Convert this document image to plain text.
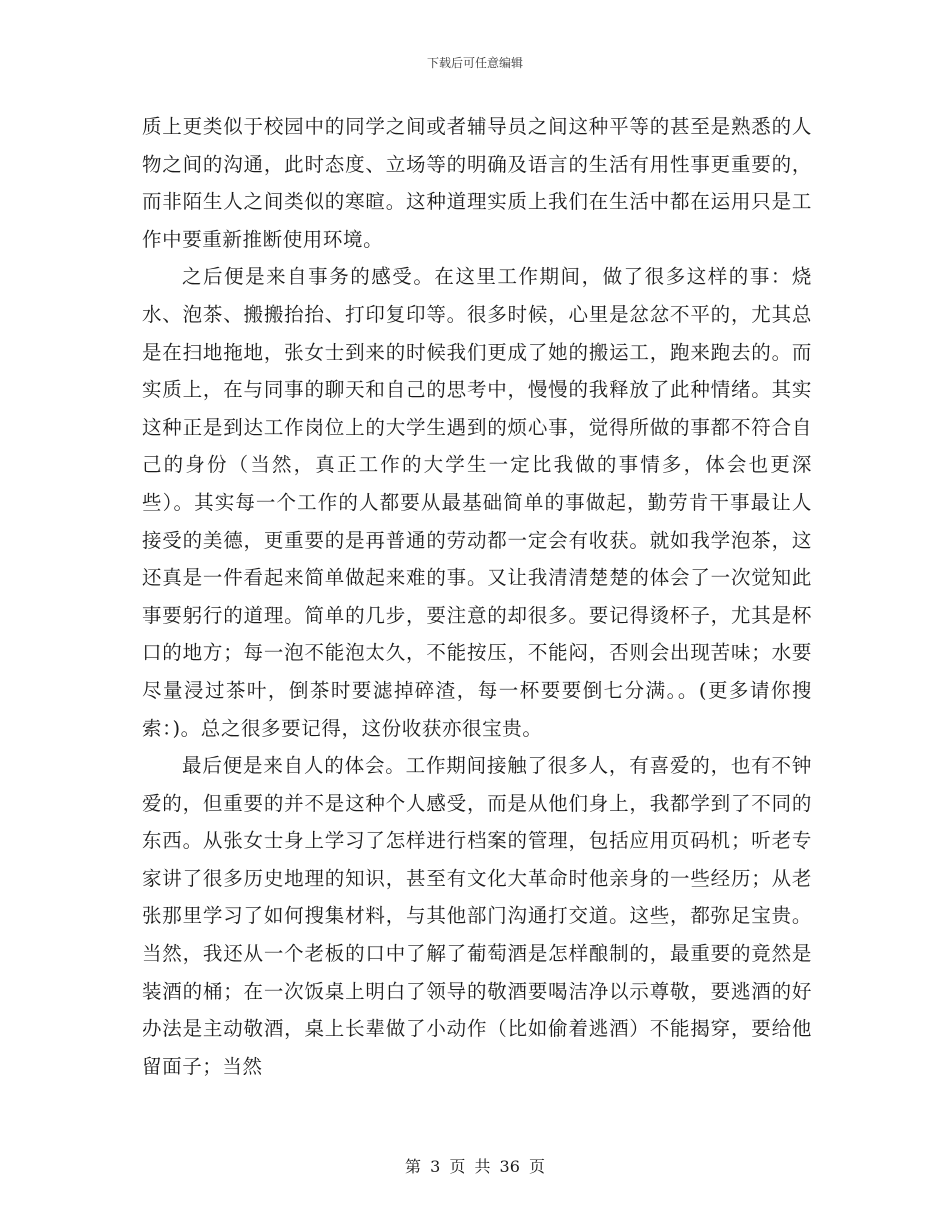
下载后可任意编辑

质上更类似于校园中的同学之间或者辅导员之间这种平等的甚至是熟悉的人物之间的沟通，此时态度、立场等的明确及语言的生活有用性事更重要的，而非陌生人之间类似的寒暄。这种道理实质上我们在生活中都在运用只是工作中要重新推断使用环境。

之后便是来自事务的感受。在这里工作期间，做了很多这样的事：烧水、泡茶、搬搬抬抬、打印复印等。很多时候，心里是忿忿不平的，尤其总是在扫地拖地，张女士到来的时候我们更成了她的搬运工，跑来跑去的。而实质上，在与同事的聊天和自己的思考中，慢慢的我释放了此种情绪。其实这种正是到达工作岗位上的大学生遇到的烦心事，觉得所做的事都不符合自己的身份（当然，真正工作的大学生一定比我做的事情多，体会也更深些）。其实每一个工作的人都要从最基础简单的事做起，勤劳肯干事最让人接受的美德，更重要的是再普通的劳动都一定会有收获。就如我学泡茶，这还真是一件看起来简单做起来难的事。又让我清清楚楚的体会了一次觉知此事要躬行的道理。简单的几步，要注意的却很多。要记得烫杯子，尤其是杯口的地方；每一泡不能泡太久，不能按压，不能闷，否则会出现苦味；水要尽量浸过茶叶，倒茶时要滤掉碎渣，每一杯要要倒七分满。。(更多请你搜索：)。总之很多要记得，这份收获亦很宝贵。

最后便是来自人的体会。工作期间接触了很多人，有喜爱的，也有不钟爱的，但重要的并不是这种个人感受，而是从他们身上，我都学到了不同的东西。从张女士身上学习了怎样进行档案的管理，包括应用页码机；听老专家讲了很多历史地理的知识，甚至有文化大革命时他亲身的一些经历；从老张那里学习了如何搜集材料，与其他部门沟通打交道。这些，都弥足宝贵。当然，我还从一个老板的口中了解了葡萄酒是怎样酿制的，最重要的竟然是装酒的桶；在一次饭桌上明白了领导的敬酒要喝洁净以示尊敬，要逃酒的好办法是主动敬酒，桌上长辈做了小动作（比如偷着逃酒）不能揭穿，要给他留面子；当然

第 3 页 共 36 页
